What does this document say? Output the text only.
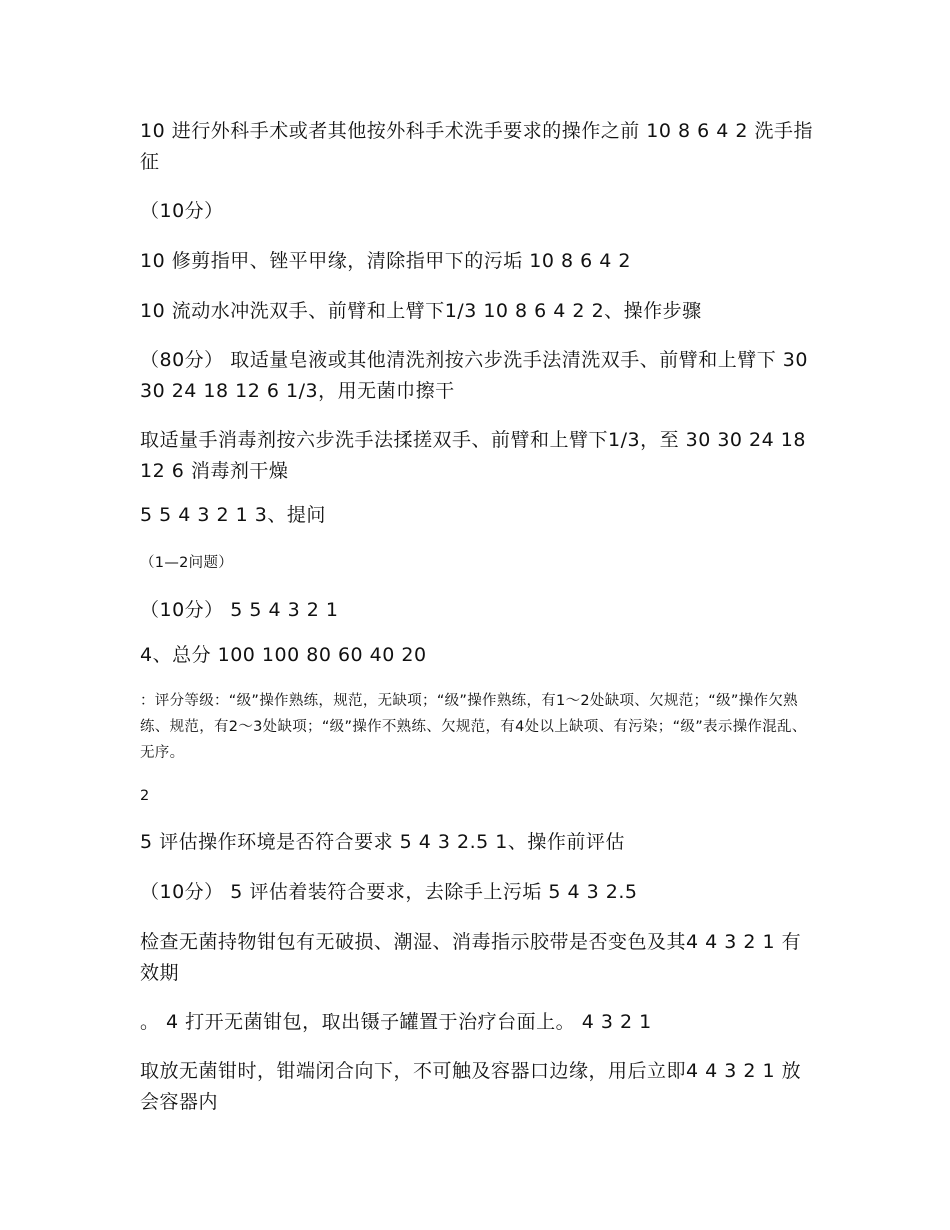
10 进行外科手术或者其他按外科手术洗手要求的操作之前 10 8 6 4 2 洗手指征

（10分）

10 修剪指甲、锉平甲缘，清除指甲下的污垢 10 8 6 4 2

10 流动水冲洗双手、前臂和上臂下1/3 10 8 6 4 2 2、操作步骤

（80分） 取适量皂液或其他清洗剂按六步洗手法清洗双手、前臂和上臂下 30 30 24 18 12 6 1/3，用无菌巾擦干

取适量手消毒剂按六步洗手法揉搓双手、前臂和上臂下1/3，至 30 30 24 18 12 6 消毒剂干燥

5 5 4 3 2 1 3、提问

（1—2问题）

（10分） 5 5 4 3 2 1

4、总分 100 100 80 60 40 20

：评分等级：“级”操作熟练，规范，无缺项；“级”操作熟练，有1～2处缺项、欠规范；“级”操作欠熟练、规范，有2～3处缺项；“级”操作不熟练、欠规范，有4处以上缺项、有污染；“级”表示操作混乱、无序。

2

5 评估操作环境是否符合要求 5 4 3 2.5 1、操作前评估

（10分） 5 评估着装符合要求，去除手上污垢 5 4 3 2.5

检查无菌持物钳包有无破损、潮湿、消毒指示胶带是否变色及其4 4 3 2 1 有效期

。 4 打开无菌钳包，取出镊子罐置于治疗台面上。 4 3 2 1

取放无菌钳时，钳端闭合向下，不可触及容器口边缘，用后立即4 4 3 2 1 放会容器内
